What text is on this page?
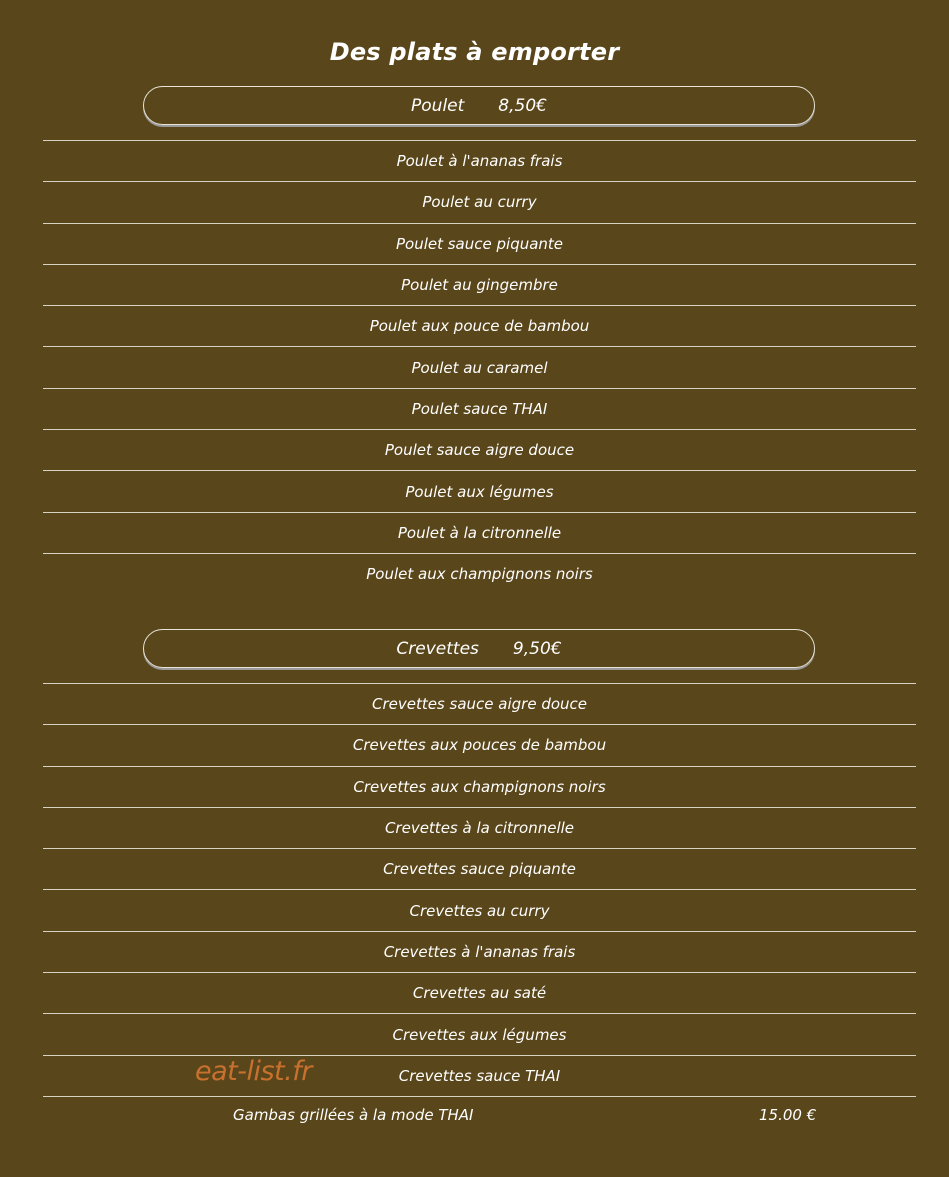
Des plats à emporter
Poulet 8,50€
Poulet à l'ananas frais
Poulet au curry
Poulet sauce piquante
Poulet au gingembre
Poulet aux pouce de bambou
Poulet au caramel
Poulet sauce THAI
Poulet sauce aigre douce
Poulet aux légumes
Poulet à la citronnelle
Poulet aux champignons noirs
Crevettes 9,50€
Crevettes sauce aigre douce
Crevettes aux pouces de bambou
Crevettes aux champignons noirs
Crevettes à la citronnelle
Crevettes sauce piquante
Crevettes au curry
Crevettes à l'ananas frais
Crevettes au saté
Crevettes aux légumes
Crevettes sauce THAI
Gambas grillées à la mode THAI	15.00 €
eat-list.fr
